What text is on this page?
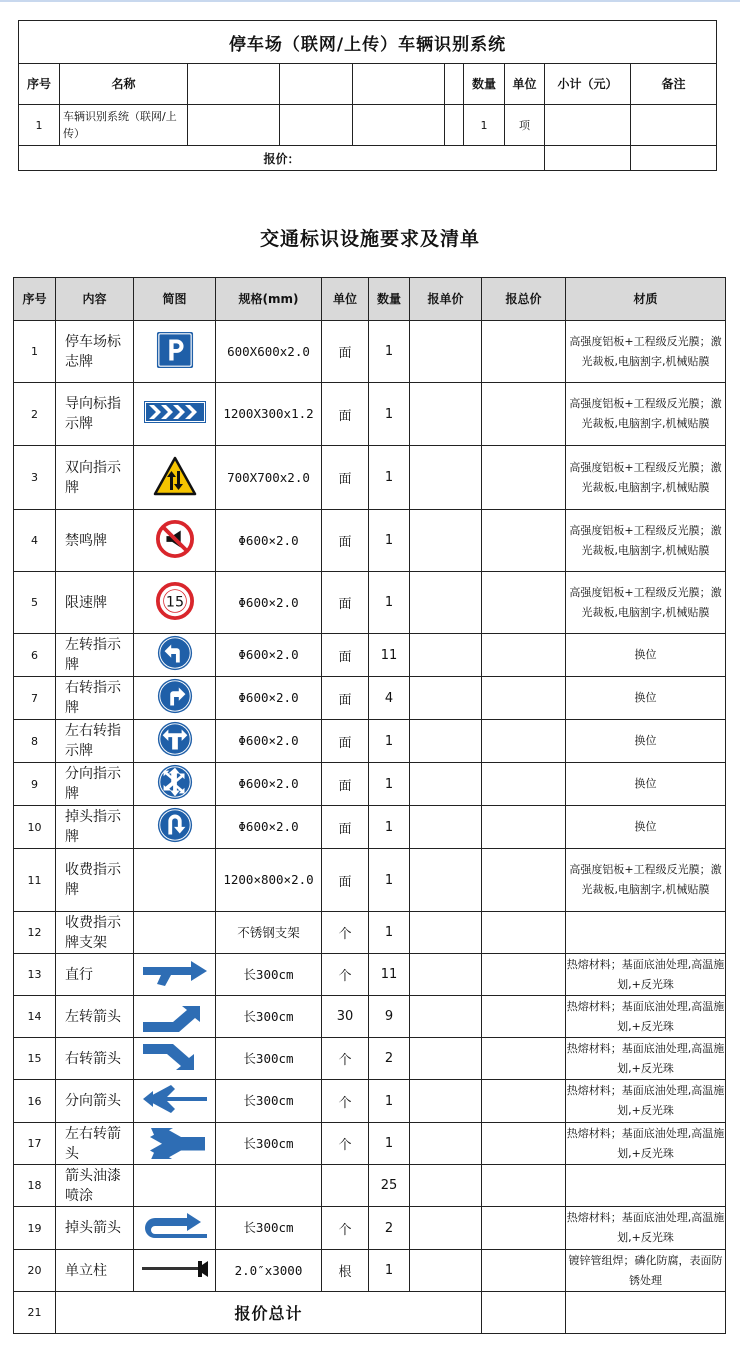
停车场（联网/上传）车辆识别系统									
序号	名称					数量	单位	小计（元）	备注
1	车辆识别系统（联网/上传）					1	项		
报价：									
交通标识设施要求及清单
序号	内容	简图	规格(mm)	单位	数量	报单价	报总价	材质
1	停车场标志牌		600X600x2.0	面	1			高强度铝板+工程级反光膜；激光裁板,电脑割字,机械贴膜
2	导向标指示牌		1200X300x1.2	面	1			高强度铝板+工程级反光膜；激光裁板,电脑割字,机械贴膜
3	双向指示牌		700X700x2.0	面	1			高强度铝板+工程级反光膜；激光裁板,电脑割字,机械贴膜
4	禁鸣牌		Φ600×2.0	面	1			高强度铝板+工程级反光膜；激光裁板,电脑割字,机械贴膜
5	限速牌	15	Φ600×2.0	面	1			高强度铝板+工程级反光膜；激光裁板,电脑割字,机械贴膜
6	左转指示牌		Φ600×2.0	面	11			换位
7	右转指示牌		Φ600×2.0	面	4			换位
8	左右转指示牌		Φ600×2.0	面	1			换位
9	分向指示牌		Φ600×2.0	面	1			换位
10	掉头指示牌		Φ600×2.0	面	1			换位
11	收费指示牌		1200×800×2.0	面	1			高强度铝板+工程级反光膜；激光裁板,电脑割字,机械贴膜
12	收费指示牌支架		不锈钢支架	个	1			
13	直行		长300cm	个	11			热熔材料；基面底油处理,高温施划,+反光珠
14	左转箭头		长300cm	30	9			热熔材料；基面底油处理,高温施划,+反光珠
15	右转箭头		长300cm	个	2			热熔材料；基面底油处理,高温施划,+反光珠
16	分向箭头		长300cm	个	1			热熔材料；基面底油处理,高温施划,+反光珠
17	左右转箭头		长300cm	个	1			热熔材料；基面底油处理,高温施划,+反光珠
18	箭头油漆喷涂				25			
19	掉头箭头		长300cm	个	2			热熔材料；基面底油处理,高温施划,+反光珠
20	单立柱		2.0″x3000	根	1			镀锌管组焊；磷化防腐，表面防锈处理
21	报价总计							
